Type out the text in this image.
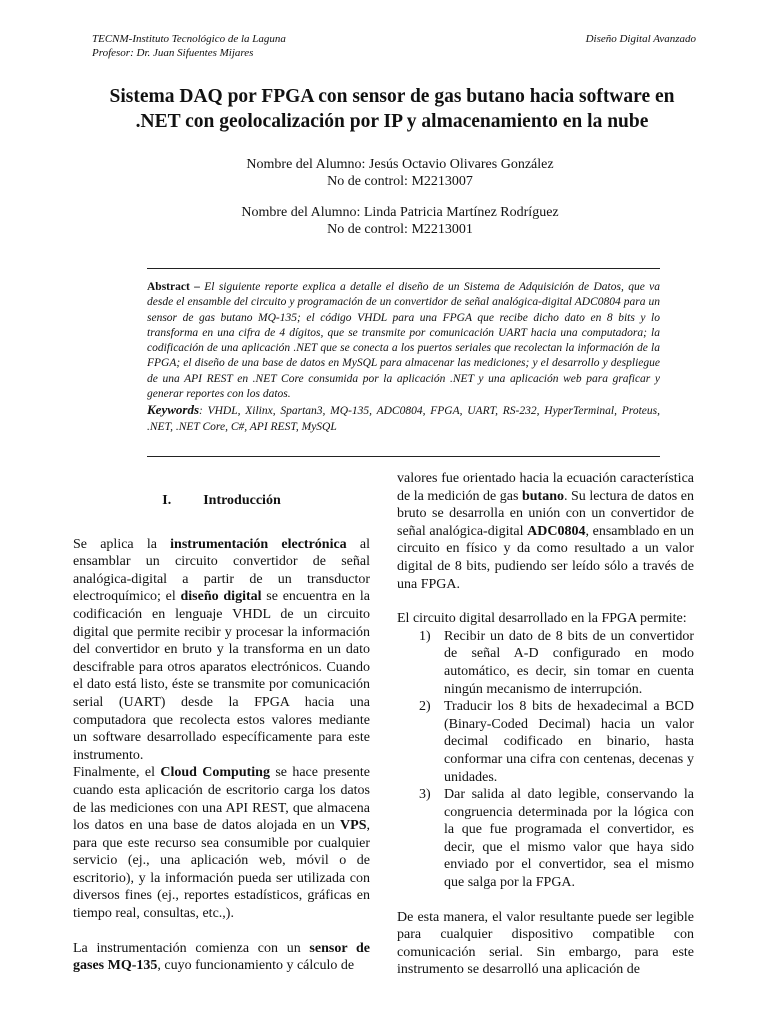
TECNM-Instituto Tecnológico de la Laguna
Profesor: Dr. Juan Sifuentes Mijares
Diseño Digital Avanzado
Sistema DAQ por FPGA con sensor de gas butano hacia software en
.NET con geolocalización por IP y almacenamiento en la nube
Nombre del Alumno: Jesús Octavio Olivares González
No de control: M2213007
Nombre del Alumno: Linda Patricia Martínez Rodríguez
No de control: M2213001
Abstract – El siguiente reporte explica a detalle el diseño de un Sistema de Adquisición de Datos, que va desde el ensamble del circuito y programación de un convertidor de señal analógica-digital ADC0804 para un sensor de gas butano MQ-135; el código VHDL para una FPGA que recibe dicho dato en 8 bits y lo transforma en una cifra de 4 dígitos, que se transmite por comunicación UART hacia una computadora; la codificación de una aplicación .NET que se conecta a los puertos seriales que recolectan la información de la FPGA; el diseño de una base de datos en MySQL para almacenar las mediciones; y el desarrollo y despliegue de una API REST en .NET Core consumida por la aplicación .NET y una aplicación web para graficar y generar reportes con los datos.
Keywords: VHDL, Xilinx, Spartan3, MQ-135, ADC0804, FPGA, UART, RS-232, HyperTerminal, Proteus, .NET, .NET Core, C#, API REST, MySQL
I. Introducción

Se aplica la instrumentación electrónica al ensamblar un circuito convertidor de señal analógica-digital a partir de un transductor electroquímico; el diseño digital se encuentra en la codificación en lenguaje VHDL de un circuito digital que permite recibir y procesar la información del convertidor en bruto y la transforma en un dato descifrable para otros aparatos electrónicos. Cuando el dato está listo, éste se transmite por comunicación serial (UART) desde la FPGA hacia una computadora que recolecta estos valores mediante un software desarrollado específicamente para este instrumento.

Finalmente, el Cloud Computing se hace presente cuando esta aplicación de escritorio carga los datos de las mediciones con una API REST, que almacena los datos en una base de datos alojada en un VPS, para que este recurso sea consumible por cualquier servicio (ej., una aplicación web, móvil o de escritorio), y la información pueda ser utilizada con diversos fines (ej., reportes estadísticos, gráficas en tiempo real, consultas, etc.,).

La instrumentación comienza con un sensor de gases MQ-135, cuyo funcionamiento y cálculo de

valores fue orientado hacia la ecuación característica de la medición de gas butano. Su lectura de datos en bruto se desarrolla en unión con un convertidor de señal analógica-digital ADC0804, ensamblado en un circuito en físico y da como resultado a un valor digital de 8 bits, pudiendo ser leído sólo a través de una FPGA.

El circuito digital desarrollado en la FPGA permite:

1) Recibir un dato de 8 bits de un convertidor de señal A-D configurado en modo automático, es decir, sin tomar en cuenta ningún mecanismo de interrupción.
2) Traducir los 8 bits de hexadecimal a BCD (Binary-Coded Decimal) hacia un valor decimal codificado en binario, hasta conformar una cifra con centenas, decenas y unidades.
3) Dar salida al dato legible, conservando la congruencia determinada por la lógica con la que fue programada el convertidor, es decir, que el mismo valor que haya sido enviado por el convertidor, sea el mismo que salga por la FPGA.

De esta manera, el valor resultante puede ser legible para cualquier dispositivo compatible con comunicación serial. Sin embargo, para este instrumento se desarrolló una aplicación de
